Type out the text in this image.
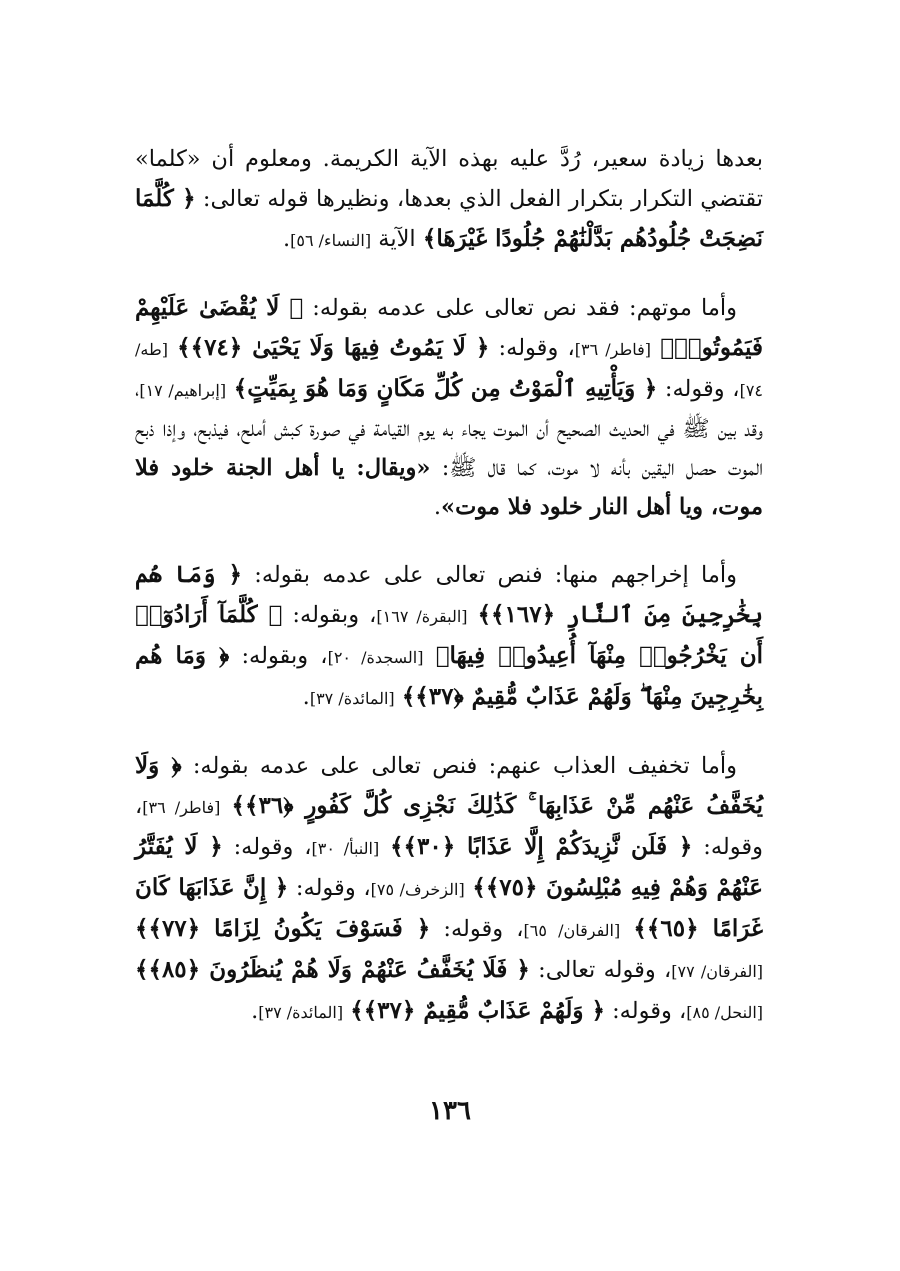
بعدها زيادة سعير، رُدَّ عليه بهذه الآية الكريمة. ومعلوم أن «كلما» تقتضي التكرار بتكرار الفعل الذي بعدها، ونظيرها قوله تعالى: ﴿ كُلَّمَا نَضِجَتْ جُلُودُهُم بَدَّلْنَٰهُمْ جُلُودًا غَيْرَهَا﴾ الآية [النساء/ ٥٦].

وأما موتهم: فقد نص تعالى على عدمه بقوله: ﴿ لَا يُقْضَىٰ عَلَيْهِمْ فَيَمُوتُوا۟﴾ [فاطر/ ٣٦]، وقوله: ﴿ لَا يَمُوتُ فِيهَا وَلَا يَحْيَىٰ ﴿٧٤﴾﴾ [طه/ ٧٤]، وقوله: ﴿ وَيَأْتِيهِ ٱلْمَوْتُ مِن كُلِّ مَكَانٍ وَمَا هُوَ بِمَيِّتٍ﴾ [إبراهيم/ ١٧]، وقد بين ﷺ في الحديث الصحيح أن الموت يجاء به يوم القيامة في صورة كبش أملح، فيذبح، وإذا ذبح الموت حصل اليقين بأنه لا موت، كما قال ﷺ: «ويقال: يا أهل الجنة خلود فلا موت، ويا أهل النار خلود فلا موت».

وأما إخراجهم منها: فنص تعالى على عدمه بقوله: ﴿ وَمَا هُم بِخَٰرِجِينَ مِنَ ٱلنَّارِ ﴿١٦٧﴾﴾ [البقرة/ ١٦٧]، وبقوله: ﴿ كُلَّمَآ أَرَادُوٓا۟ أَن يَخْرُجُوا۟ مِنْهَآ أُعِيدُوا۟ فِيهَا﴾ [السجدة/ ٢٠]، وبقوله: ﴿ وَمَا هُم بِخَٰرِجِينَ مِنْهَا ۖ وَلَهُمْ عَذَابٌ مُّقِيمٌ ﴿٣٧﴾﴾ [المائدة/ ٣٧].

وأما تخفيف العذاب عنهم: فنص تعالى على عدمه بقوله: ﴿ وَلَا يُخَفَّفُ عَنْهُم مِّنْ عَذَابِهَا ۚ كَذَٰلِكَ نَجْزِى كُلَّ كَفُورٍ ﴿٣٦﴾﴾ [فاطر/ ٣٦]، وقوله: ﴿ فَلَن نَّزِيدَكُمْ إِلَّا عَذَابًا ﴿٣٠﴾﴾ [النبأ/ ٣٠]، وقوله: ﴿ لَا يُفَتَّرُ عَنْهُمْ وَهُمْ فِيهِ مُبْلِسُونَ ﴿٧٥﴾﴾ [الزخرف/ ٧٥]، وقوله: ﴿ إِنَّ عَذَابَهَا كَانَ غَرَامًا ﴿٦٥﴾﴾ [الفرقان/ ٦٥]، وقوله: ﴿ فَسَوْفَ يَكُونُ لِزَامًا ﴿٧٧﴾﴾ [الفرقان/ ٧٧]، وقوله تعالى: ﴿ فَلَا يُخَفَّفُ عَنْهُمْ وَلَا هُمْ يُنظَرُونَ ﴿٨٥﴾﴾ [النحل/ ٨٥]، وقوله: ﴿ وَلَهُمْ عَذَابٌ مُّقِيمٌ ﴿٣٧﴾﴾ [المائدة/ ٣٧].

١٣٦
